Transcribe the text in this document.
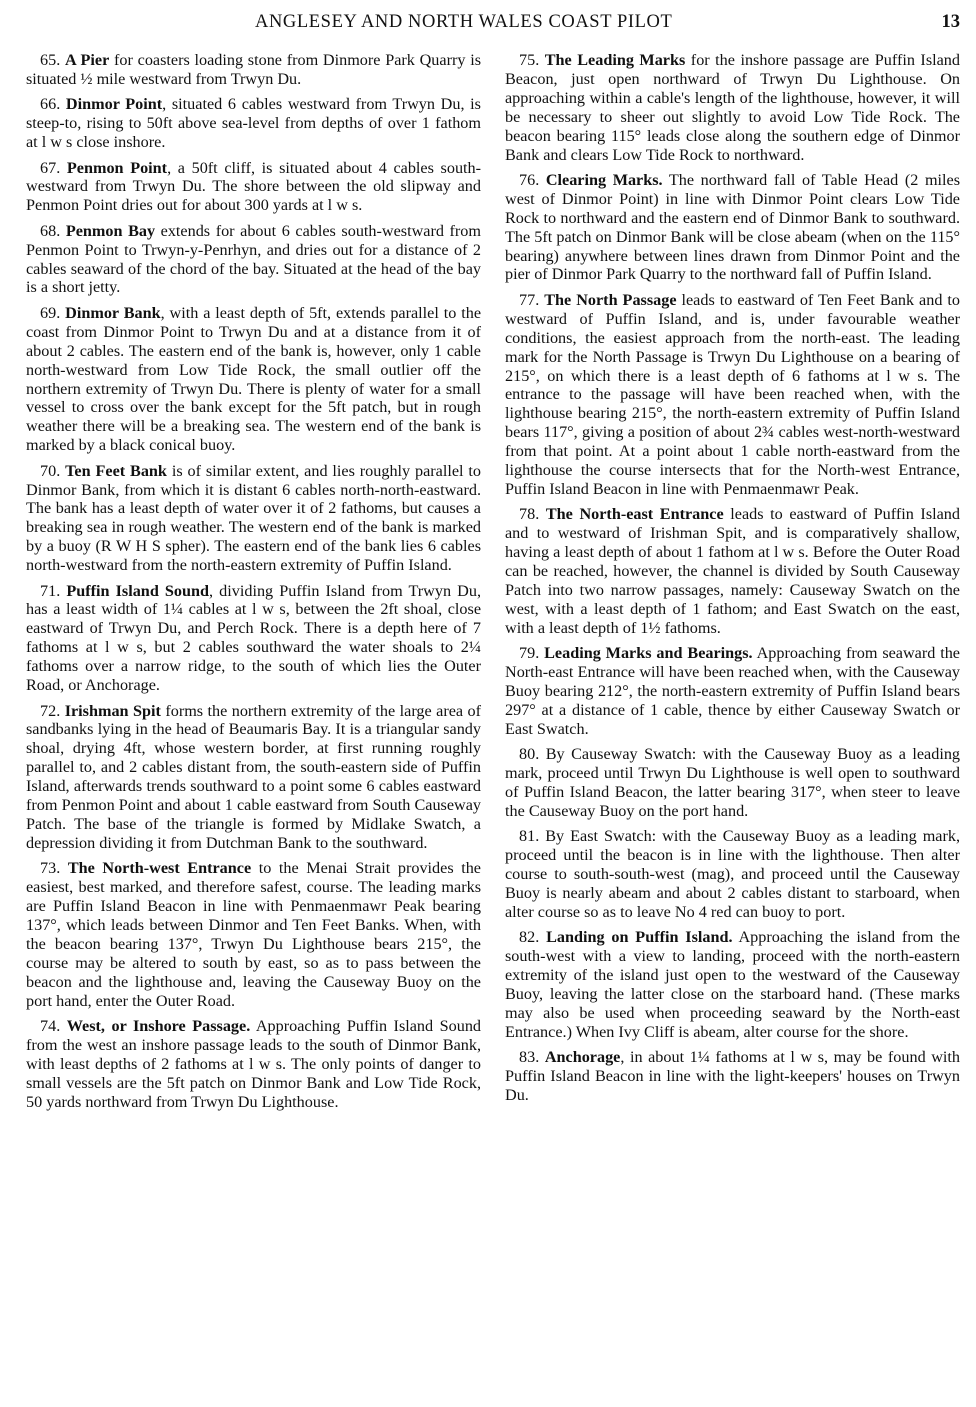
ANGLESEY AND NORTH WALES COAST PILOT	13

65. A Pier for coasters loading stone from Dinmore Park Quarry is situated ½ mile westward from Trwyn Du.

66. Dinmor Point, situated 6 cables westward from Trwyn Du, is steep-to, rising to 50ft above sea-level from depths of over 1 fathom at l w s close inshore.

67. Penmon Point, a 50ft cliff, is situated about 4 cables south-westward from Trwyn Du. The shore between the old slipway and Penmon Point dries out for about 300 yards at l w s.

68. Penmon Bay extends for about 6 cables south-westward from Penmon Point to Trwyn-y-Penrhyn, and dries out for a distance of 2 cables seaward of the chord of the bay. Situated at the head of the bay is a short jetty.

69. Dinmor Bank, with a least depth of 5ft, extends parallel to the coast from Dinmor Point to Trwyn Du and at a distance from it of about 2 cables. The eastern end of the bank is, however, only 1 cable north-westward from Low Tide Rock, the small outlier off the northern extremity of Trwyn Du. There is plenty of water for a small vessel to cross over the bank except for the 5ft patch, but in rough weather there will be a breaking sea. The western end of the bank is marked by a black conical buoy.

70. Ten Feet Bank is of similar extent, and lies roughly parallel to Dinmor Bank, from which it is distant 6 cables north-north-eastward. The bank has a least depth of water over it of 2 fathoms, but causes a breaking sea in rough weather. The western end of the bank is marked by a buoy (R W H S spher). The eastern end of the bank lies 6 cables north-westward from the north-eastern extremity of Puffin Island.

71. Puffin Island Sound, dividing Puffin Island from Trwyn Du, has a least width of 1¼ cables at l w s, between the 2ft shoal, close eastward of Trwyn Du, and Perch Rock. There is a depth here of 7 fathoms at l w s, but 2 cables southward the water shoals to 2¼ fathoms over a narrow ridge, to the south of which lies the Outer Road, or Anchorage.

72. Irishman Spit forms the northern extremity of the large area of sandbanks lying in the head of Beaumaris Bay. It is a triangular sandy shoal, drying 4ft, whose western border, at first running roughly parallel to, and 2 cables distant from, the south-eastern side of Puffin Island, afterwards trends southward to a point some 6 cables eastward from Penmon Point and about 1 cable eastward from South Causeway Patch. The base of the triangle is formed by Midlake Swatch, a depression dividing it from Dutchman Bank to the southward.

73. The North-west Entrance to the Menai Strait provides the easiest, best marked, and therefore safest, course. The leading marks are Puffin Island Beacon in line with Penmaenmawr Peak bearing 137°, which leads between Dinmor and Ten Feet Banks. When, with the beacon bearing 137°, Trwyn Du Lighthouse bears 215°, the course may be altered to south by east, so as to pass between the beacon and the lighthouse and, leaving the Causeway Buoy on the port hand, enter the Outer Road.

74. West, or Inshore Passage. Approaching Puffin Island Sound from the west an inshore passage leads to the south of Dinmor Bank, with least depths of 2 fathoms at l w s. The only points of danger to small vessels are the 5ft patch on Dinmor Bank and Low Tide Rock, 50 yards northward from Trwyn Du Lighthouse.

75. The Leading Marks for the inshore passage are Puffin Island Beacon, just open northward of Trwyn Du Lighthouse. On approaching within a cable's length of the lighthouse, however, it will be necessary to sheer out slightly to avoid Low Tide Rock. The beacon bearing 115° leads close along the southern edge of Dinmor Bank and clears Low Tide Rock to northward.

76. Clearing Marks. The northward fall of Table Head (2 miles west of Dinmor Point) in line with Dinmor Point clears Low Tide Rock to northward and the eastern end of Dinmor Bank to southward. The 5ft patch on Dinmor Bank will be close abeam (when on the 115° bearing) anywhere between lines drawn from Dinmor Point and the pier of Dinmor Park Quarry to the northward fall of Puffin Island.

77. The North Passage leads to eastward of Ten Feet Bank and to westward of Puffin Island, and is, under favourable weather conditions, the easiest approach from the north-east. The leading mark for the North Passage is Trwyn Du Lighthouse on a bearing of 215°, on which there is a least depth of 6 fathoms at l w s. The entrance to the passage will have been reached when, with the lighthouse bearing 215°, the north-eastern extremity of Puffin Island bears 117°, giving a position of about 2¾ cables west-north-westward from that point. At a point about 1 cable north-eastward from the lighthouse the course intersects that for the North-west Entrance, Puffin Island Beacon in line with Penmaenmawr Peak.

78. The North-east Entrance leads to eastward of Puffin Island and to westward of Irishman Spit, and is comparatively shallow, having a least depth of about 1 fathom at l w s. Before the Outer Road can be reached, however, the channel is divided by South Causeway Patch into two narrow passages, namely: Causeway Swatch on the west, with a least depth of 1 fathom; and East Swatch on the east, with a least depth of 1½ fathoms.

79. Leading Marks and Bearings. Approaching from seaward the North-east Entrance will have been reached when, with the Causeway Buoy bearing 212°, the north-eastern extremity of Puffin Island bears 297° at a distance of 1 cable, thence by either Causeway Swatch or East Swatch.

80. By Causeway Swatch: with the Causeway Buoy as a leading mark, proceed until Trwyn Du Lighthouse is well open to southward of Puffin Island Beacon, the latter bearing 317°, when steer to leave the Causeway Buoy on the port hand.

81. By East Swatch: with the Causeway Buoy as a leading mark, proceed until the beacon is in line with the lighthouse. Then alter course to south-south-west (mag), and proceed until the Causeway Buoy is nearly abeam and about 2 cables distant to starboard, when alter course so as to leave No 4 red can buoy to port.

82. Landing on Puffin Island. Approaching the island from the south-west with a view to landing, proceed with the north-eastern extremity of the island just open to the westward of the Causeway Buoy, leaving the latter close on the starboard hand. (These marks may also be used when proceeding seaward by the North-east Entrance.) When Ivy Cliff is abeam, alter course for the shore.

83. Anchorage, in about 1¼ fathoms at l w s, may be found with Puffin Island Beacon in line with the light-keepers' houses on Trwyn Du.
